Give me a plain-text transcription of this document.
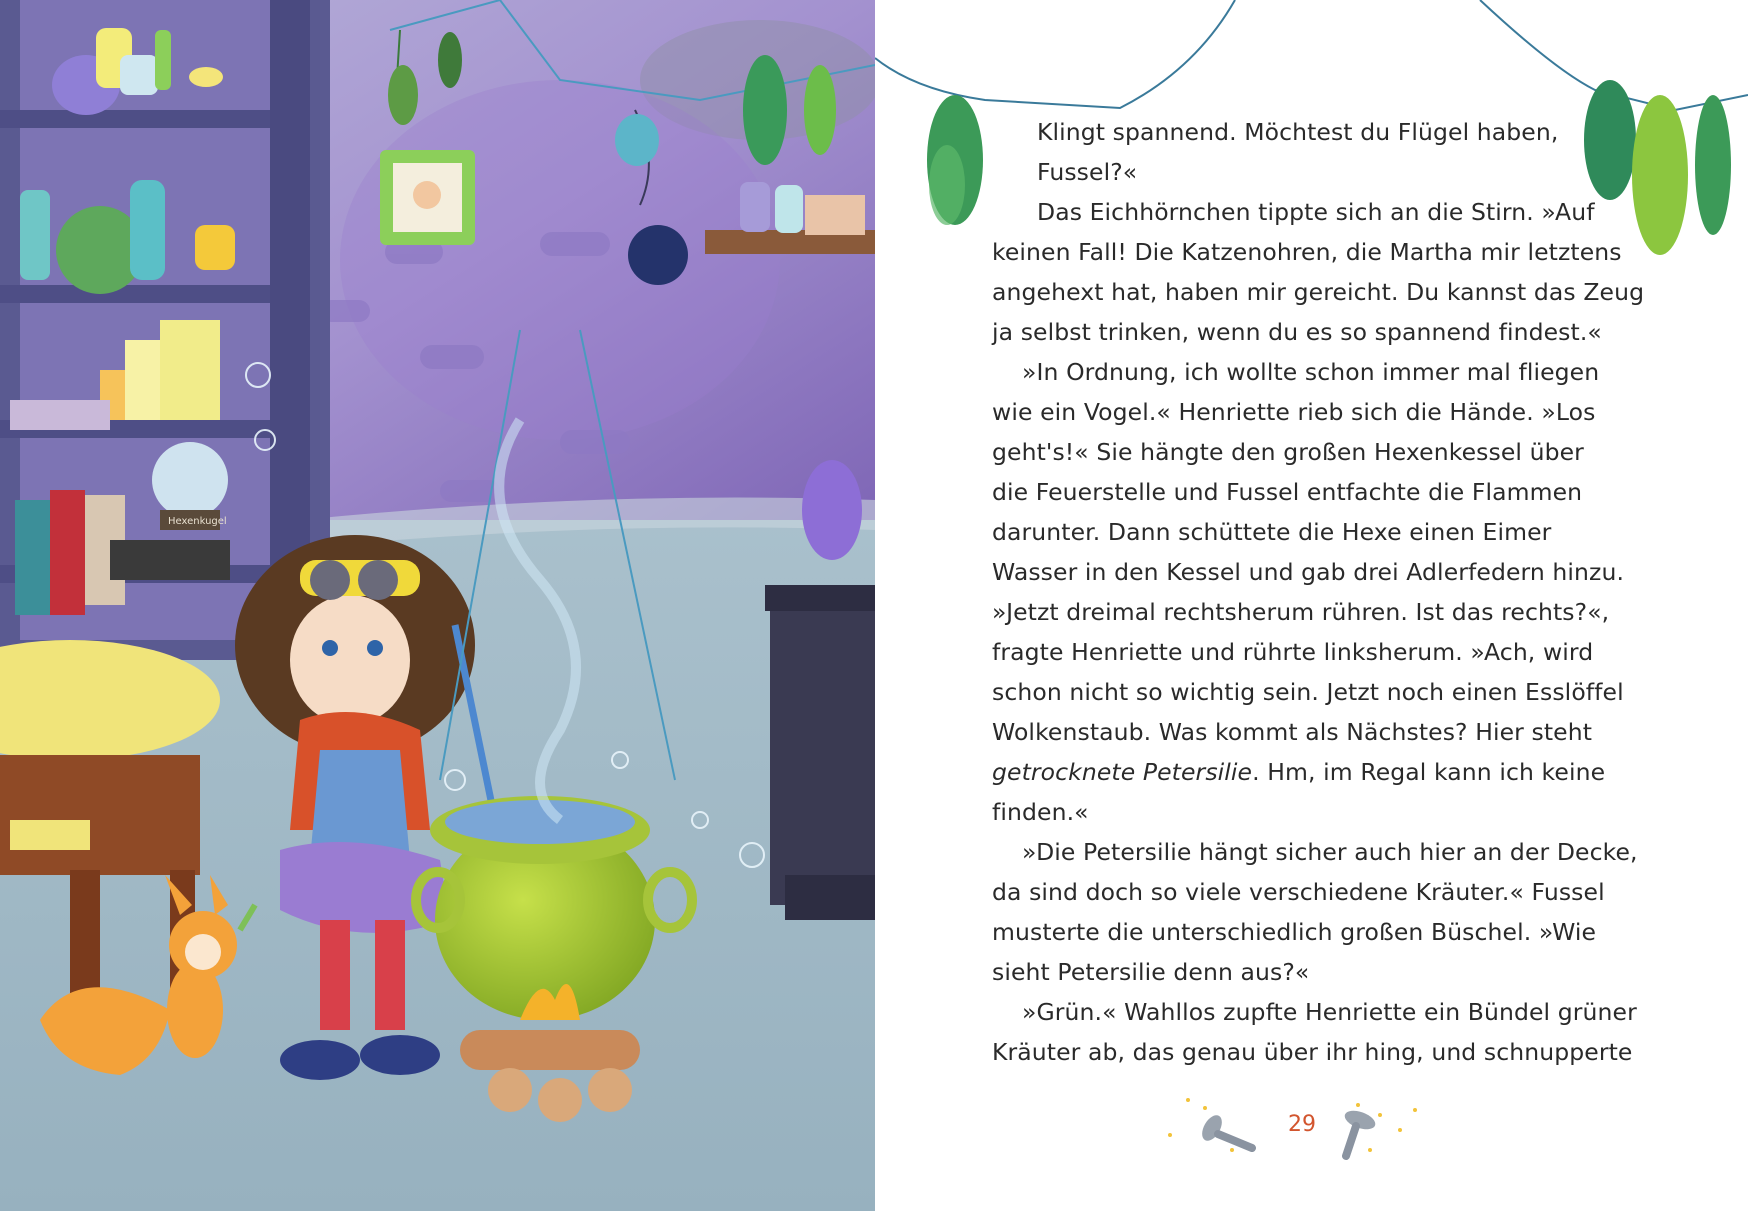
Hexenkugel
Klingt spannend. Möchtest du Flügel haben,
Fussel?«
Das Eichhörnchen tippte sich an die Stirn. »Auf
keinen Fall! Die Katzenohren, die Martha mir letztens
angehext hat, haben mir gereicht. Du kannst das Zeug
ja selbst trinken, wenn du es so spannend findest.«
»In Ordnung, ich wollte schon immer mal fliegen
wie ein Vogel.« Henriette rieb sich die Hände. »Los
geht's!« Sie hängte den großen Hexenkessel über
die Feuerstelle und Fussel entfachte die Flammen
darunter. Dann schüttete die Hexe einen Eimer
Wasser in den Kessel und gab drei Adlerfedern hinzu.
»Jetzt dreimal rechtsherum rühren. Ist das rechts?«,
fragte Henriette und rührte linksherum. »Ach, wird
schon nicht so wichtig sein. Jetzt noch einen Esslöffel
Wolkenstaub. Was kommt als Nächstes? Hier steht
getrocknete Petersilie. Hm, im Regal kann ich keine
finden.«
»Die Petersilie hängt sicher auch hier an der Decke,
da sind doch so viele verschiedene Kräuter.« Fussel
musterte die unterschiedlich großen Büschel. »Wie
sieht Petersilie denn aus?«
»Grün.« Wahllos zupfte Henriette ein Bündel grüner
Kräuter ab, das genau über ihr hing, und schnupperte
29
